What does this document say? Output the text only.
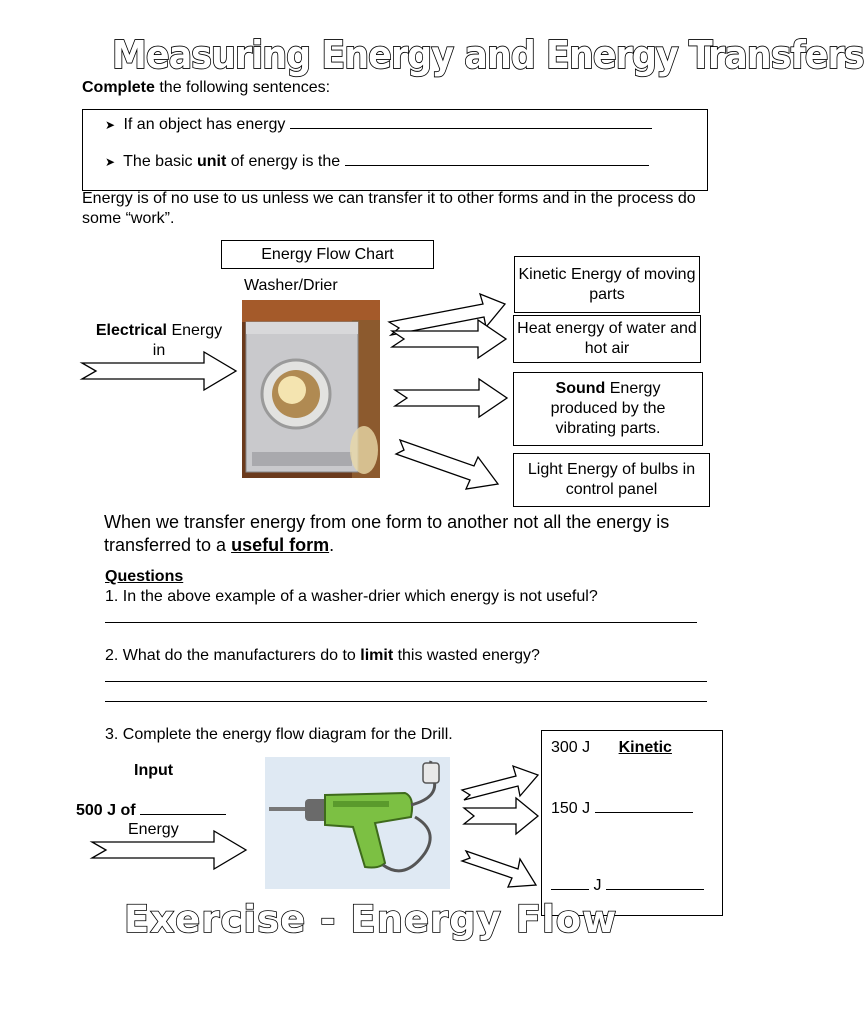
Measuring Energy and Energy Transfers
Complete the following sentences:
➤ If an object has energy
➤ The basic unit of energy is the
Energy is of no use to us unless we can transfer it to other forms and in the process do some “work”.
Energy Flow Chart
Washer/Drier
Electrical Energy
in
Kinetic Energy of moving parts
Heat energy of water and hot air
Sound Energy produced by the vibrating parts.
Light Energy of bulbs in control panel
When we transfer energy from one form to another not all the energy is transferred to a useful form.
Questions
1. In the above example of a washer-drier which energy is not useful?
2. What do the manufacturers do to limit this wasted energy?
3. Complete the energy flow diagram for the Drill.
Input
500 J of
Energy
300 J Kinetic
150 J
J
Exercise - Energy Flow
